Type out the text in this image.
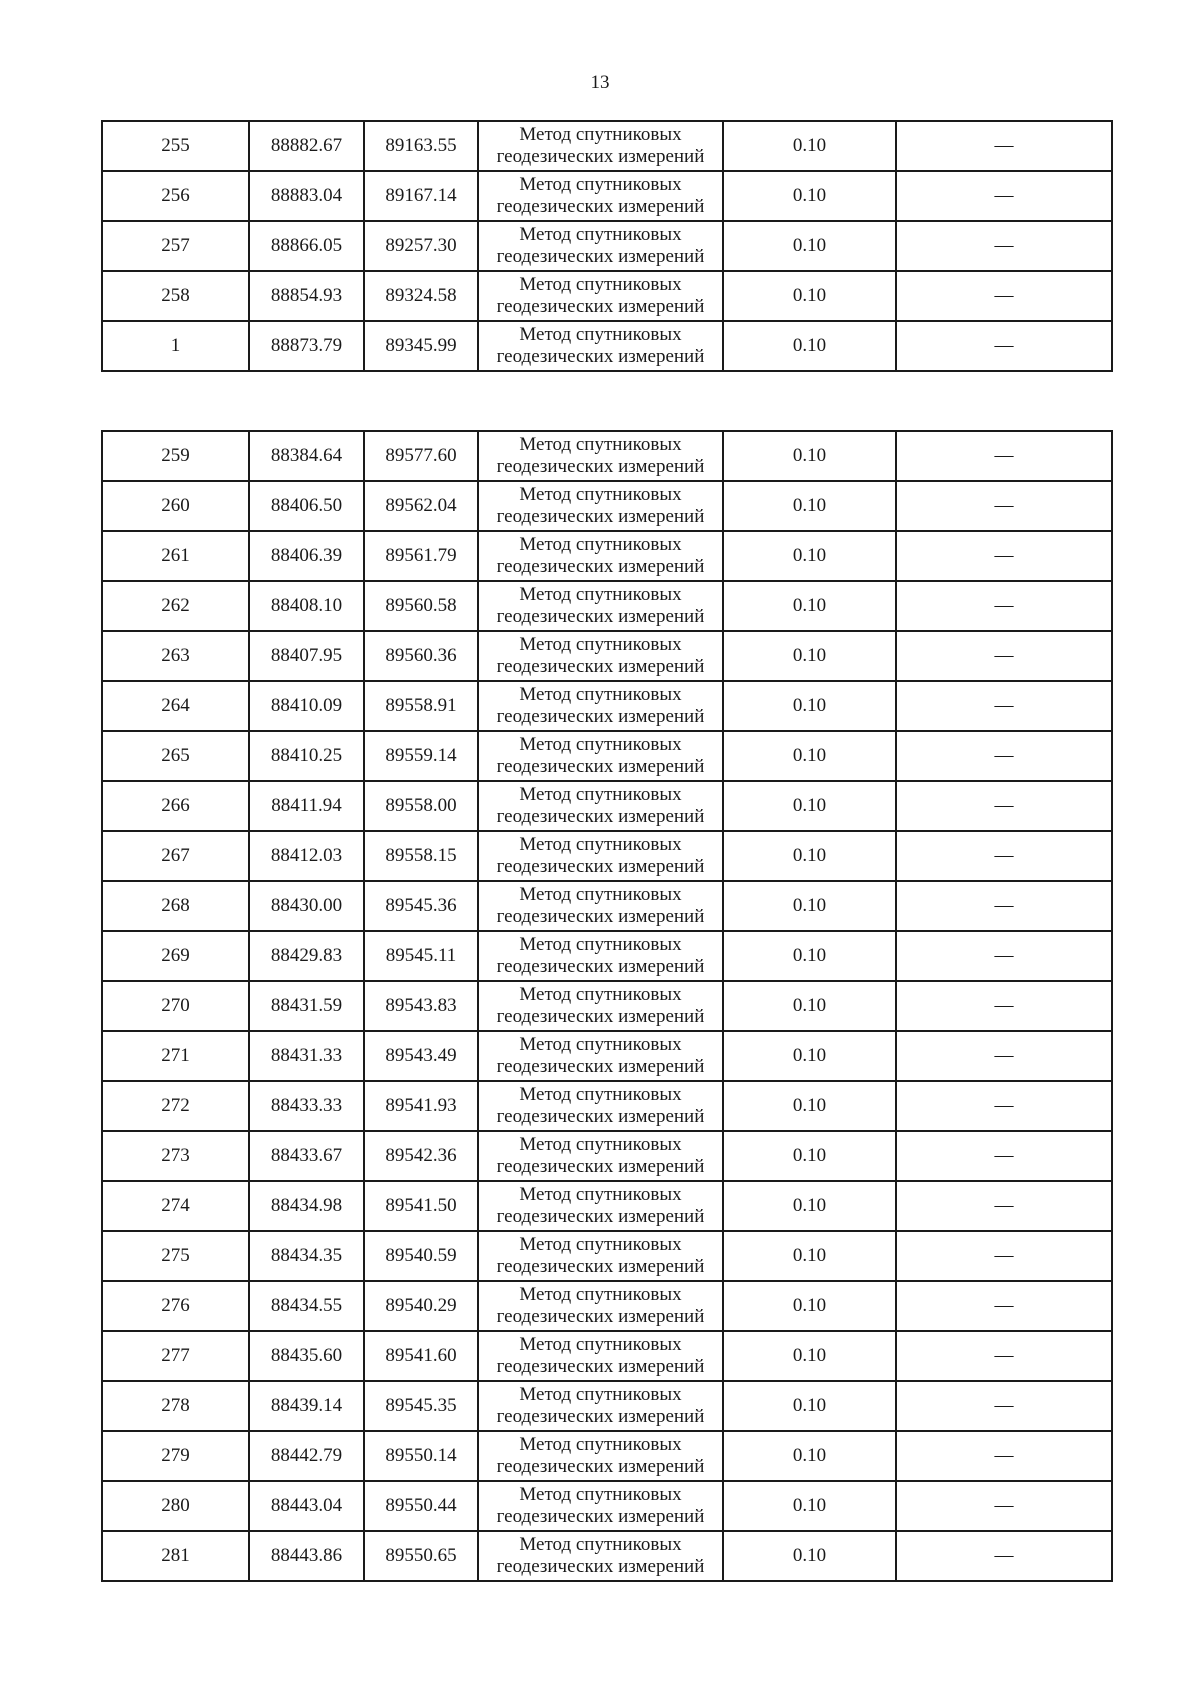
13
255	88882.67	89163.55	Метод спутниковых геодезических измерений	0.10	—
256	88883.04	89167.14	Метод спутниковых геодезических измерений	0.10	—
257	88866.05	89257.30	Метод спутниковых геодезических измерений	0.10	—
258	88854.93	89324.58	Метод спутниковых геодезических измерений	0.10	—
1	88873.79	89345.99	Метод спутниковых геодезических измерений	0.10	—
259	88384.64	89577.60	Метод спутниковых геодезических измерений	0.10	—
260	88406.50	89562.04	Метод спутниковых геодезических измерений	0.10	—
261	88406.39	89561.79	Метод спутниковых геодезических измерений	0.10	—
262	88408.10	89560.58	Метод спутниковых геодезических измерений	0.10	—
263	88407.95	89560.36	Метод спутниковых геодезических измерений	0.10	—
264	88410.09	89558.91	Метод спутниковых геодезических измерений	0.10	—
265	88410.25	89559.14	Метод спутниковых геодезических измерений	0.10	—
266	88411.94	89558.00	Метод спутниковых геодезических измерений	0.10	—
267	88412.03	89558.15	Метод спутниковых геодезических измерений	0.10	—
268	88430.00	89545.36	Метод спутниковых геодезических измерений	0.10	—
269	88429.83	89545.11	Метод спутниковых геодезических измерений	0.10	—
270	88431.59	89543.83	Метод спутниковых геодезических измерений	0.10	—
271	88431.33	89543.49	Метод спутниковых геодезических измерений	0.10	—
272	88433.33	89541.93	Метод спутниковых геодезических измерений	0.10	—
273	88433.67	89542.36	Метод спутниковых геодезических измерений	0.10	—
274	88434.98	89541.50	Метод спутниковых геодезических измерений	0.10	—
275	88434.35	89540.59	Метод спутниковых геодезических измерений	0.10	—
276	88434.55	89540.29	Метод спутниковых геодезических измерений	0.10	—
277	88435.60	89541.60	Метод спутниковых геодезических измерений	0.10	—
278	88439.14	89545.35	Метод спутниковых геодезических измерений	0.10	—
279	88442.79	89550.14	Метод спутниковых геодезических измерений	0.10	—
280	88443.04	89550.44	Метод спутниковых геодезических измерений	0.10	—
281	88443.86	89550.65	Метод спутниковых геодезических измерений	0.10	—
